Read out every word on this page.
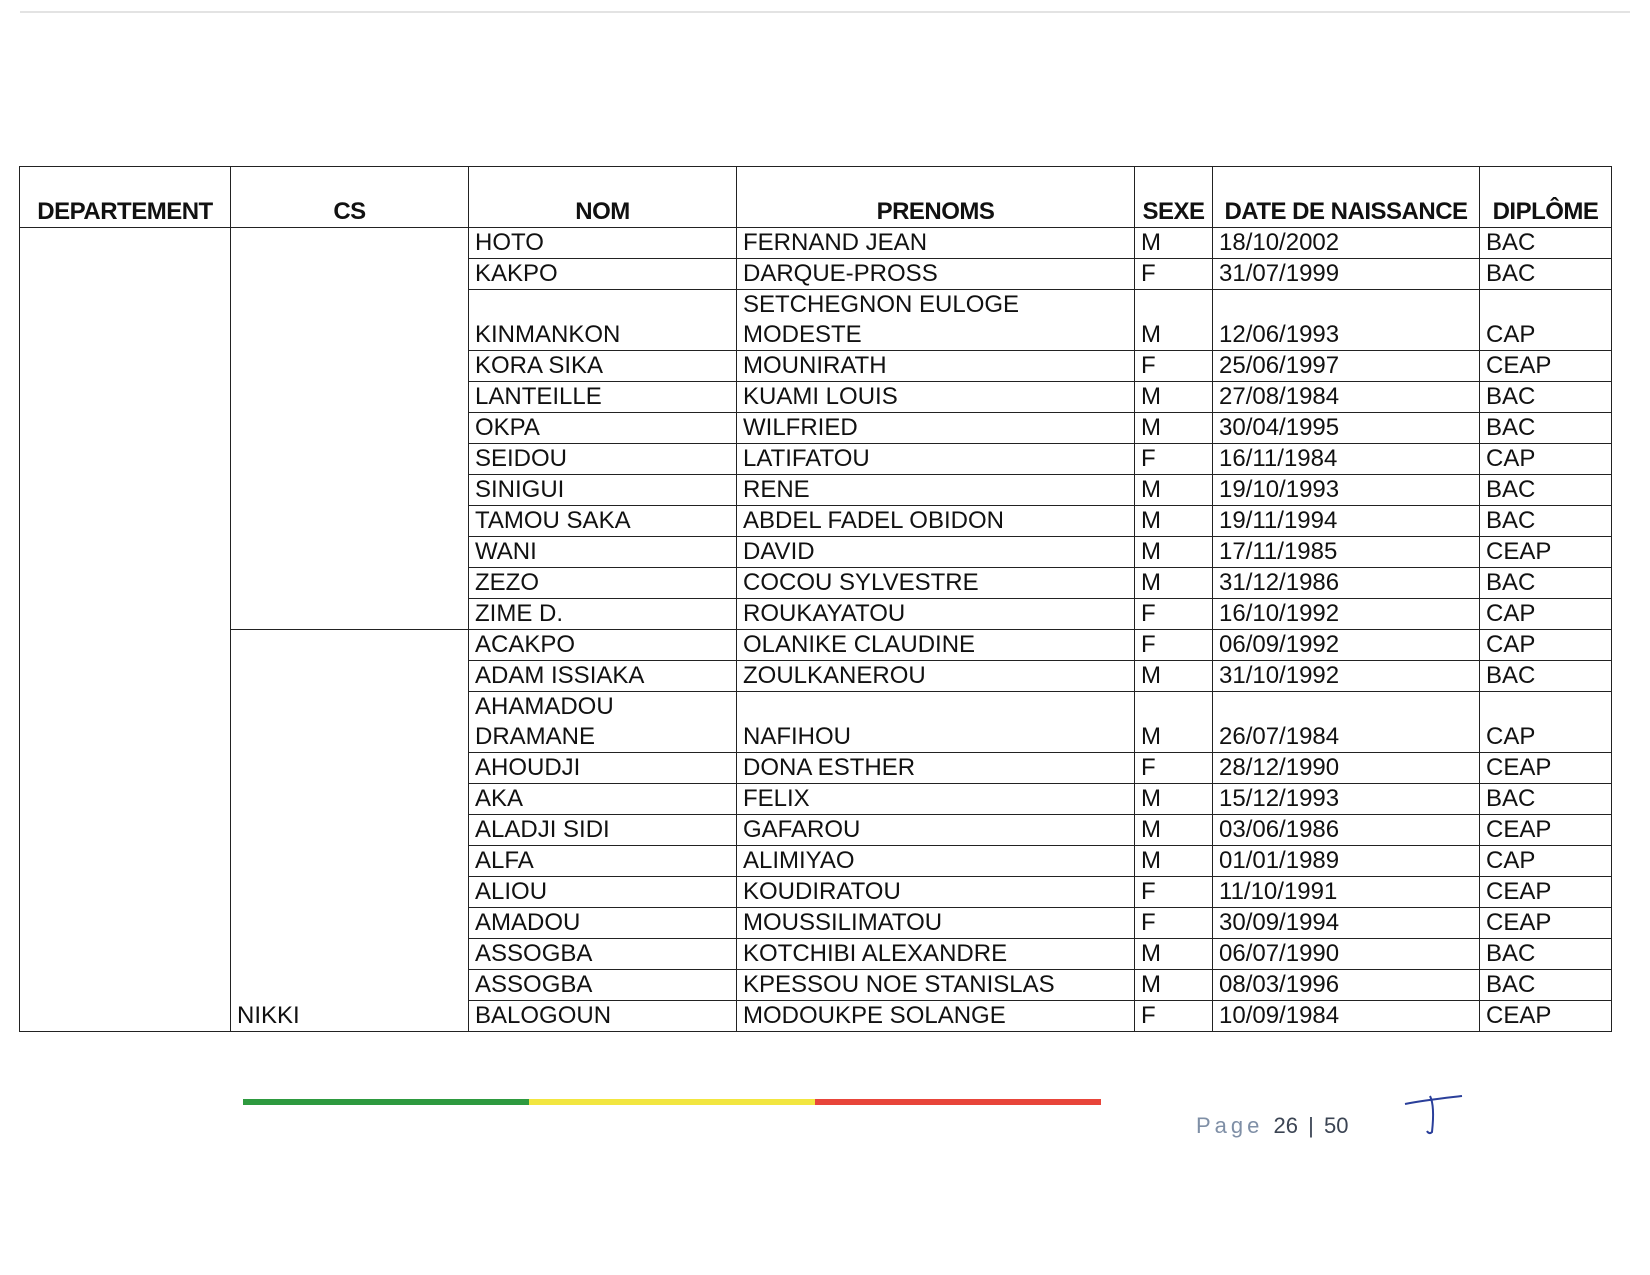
DEPARTEMENT	CS	NOM	PRENOMS	SEXE	DATE DE NAISSANCE	DIPLÔME
		HOTO	FERNAND JEAN	M	18/10/2002	BAC
		KAKPO	DARQUE-PROSS	F	31/07/1999	BAC
		KINMANKON	SETCHEGNON EULOGE MODESTE	M	12/06/1993	CAP
		KORA SIKA	MOUNIRATH	F	25/06/1997	CEAP
		LANTEILLE	KUAMI LOUIS	M	27/08/1984	BAC
		OKPA	WILFRIED	M	30/04/1995	BAC
		SEIDOU	LATIFATOU	F	16/11/1984	CAP
		SINIGUI	RENE	M	19/10/1993	BAC
		TAMOU SAKA	ABDEL FADEL OBIDON	M	19/11/1994	BAC
		WANI	DAVID	M	17/11/1985	CEAP
		ZEZO	COCOU SYLVESTRE	M	31/12/1986	BAC
		ZIME D.	ROUKAYATOU	F	16/10/1992	CAP
	NIKKI	ACAKPO	OLANIKE CLAUDINE	F	06/09/1992	CAP
		ADAM ISSIAKA	ZOULKANEROU	M	31/10/1992	BAC
		AHAMADOU DRAMANE	NAFIHOU	M	26/07/1984	CAP
		AHOUDJI	DONA ESTHER	F	28/12/1990	CEAP
		AKA	FELIX	M	15/12/1993	BAC
		ALADJI SIDI	GAFAROU	M	03/06/1986	CEAP
		ALFA	ALIMIYAO	M	01/01/1989	CAP
		ALIOU	KOUDIRATOU	F	11/10/1991	CEAP
		AMADOU	MOUSSILIMATOU	F	30/09/1994	CEAP
		ASSOGBA	KOTCHIBI ALEXANDRE	M	06/07/1990	BAC
		ASSOGBA	KPESSOU NOE STANISLAS	M	08/03/1996	BAC
		BALOGOUN	MODOUKPE SOLANGE	F	10/09/1984	CEAP
Page 26 | 50
